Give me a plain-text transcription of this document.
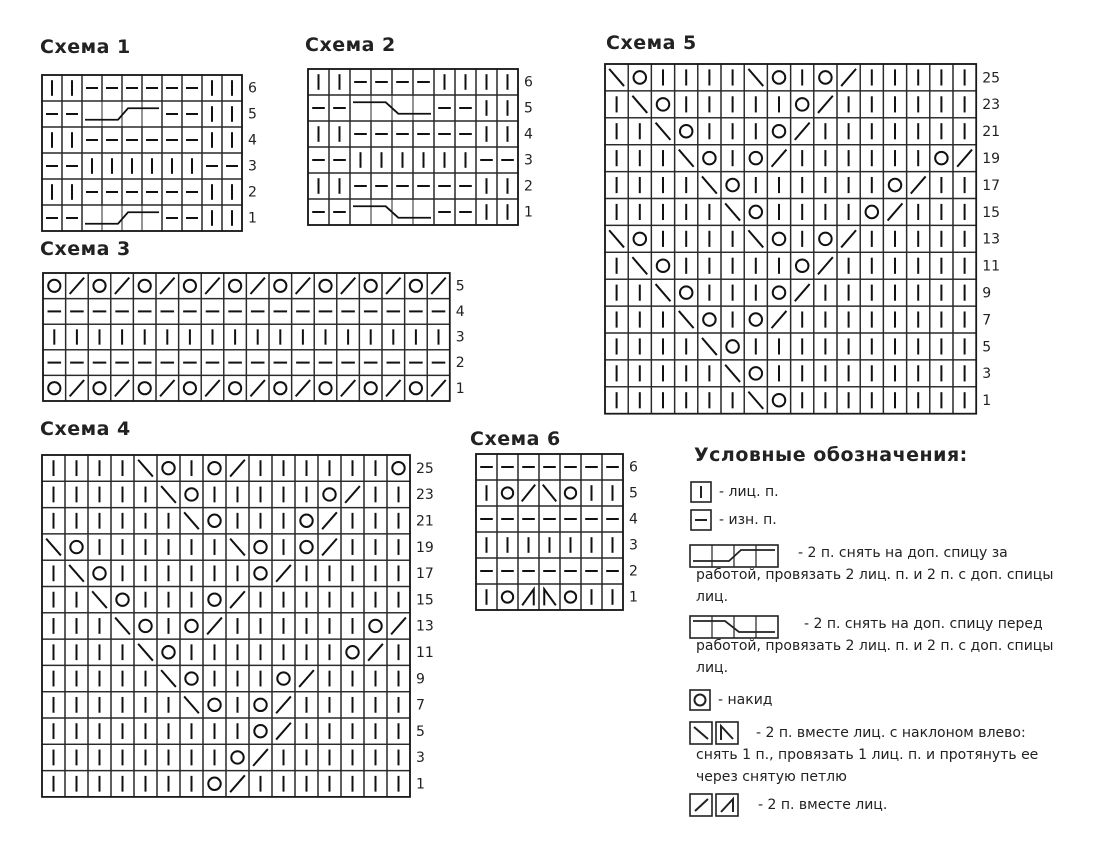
Схема 1	Схема 2
Схема 3
Схема 4
Схема 5
Схема 6
6
5
4
3
2
1
6
5
4
3
2
1
5
4
3
2
1
25
23
21
19
17
15
13
11
9
7
5
3
1
25
23
21
19
17
15
13
11
9
7
5
3
1
6
5
4
3
2
1
Условные обозначения:
- лиц. п.
- изн. п.
- 2 п. снять на доп. спицу за работой, провязать 2 лиц. п. и 2 п. с доп. спицы лиц.
- 2 п. снять на доп. спицу перед работой, провязать 2 лиц. п. и 2 п. с доп. спицы лиц.
- накид
- 2 п. вместе лиц. с наклоном влево: снять 1 п., провязать 1 лиц. п. и протянуть ее через снятую петлю
- 2 п. вместе лиц.
